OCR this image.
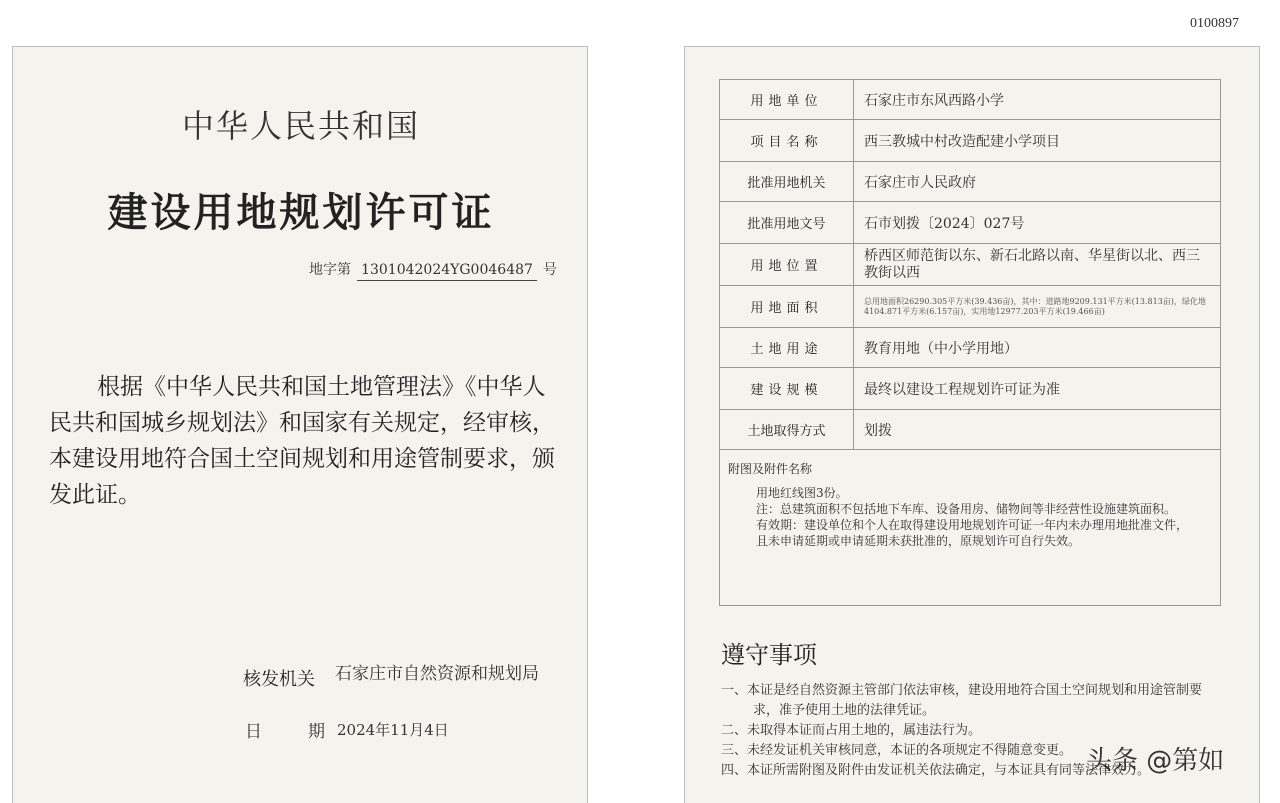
0100897
中华人民共和国
建设用地规划许可证
地字第 1301042024YG0046487 号
根据《中华人民共和国土地管理法》《中华人民共和国城乡规划法》和国家有关规定，经审核，本建设用地符合国土空间规划和用途管制要求，颁发此证。
核发机关 石家庄市自然资源和规划局
日	期 2024年11月4日
用地单位	石家庄市东风西路小学
项目名称	西三教城中村改造配建小学项目
批准用地机关	石家庄市人民政府
批准用地文号	石市划拨〔2024〕027号
用地位置	桥西区师范街以东、新石北路以南、华星街以北、西三教街以西
用地面积	总用地面积26290.305平方米(39.436亩)，其中：道路地9209.131平方米(13.813亩)，绿化地4104.871平方米(6.157亩)，实用地12977.203平方米(19.466亩)
土地用途	教育用地（中小学用地）
建设规模	最终以建设工程规划许可证为准
土地取得方式	划拨

附图及附件名称
用地红线图3份。
注：总建筑面积不包括地下车库、设备用房、储物间等非经营性设施建筑面积。
有效期：建设单位和个人在取得建设用地规划许可证一年内未办理用地批准文件，且未申请延期或申请延期未获批准的，原规划许可自行失效。	
遵守事项
一、本证是经自然资源主管部门依法审核，建设用地符合国土空间规划和用途管制要求，准予使用土地的法律凭证。
二、未取得本证而占用土地的，属违法行为。
三、未经发证机关审核同意，本证的各项规定不得随意变更。
四、本证所需附图及附件由发证机关依法确定，与本证具有同等法律效力。
头条 @第如
